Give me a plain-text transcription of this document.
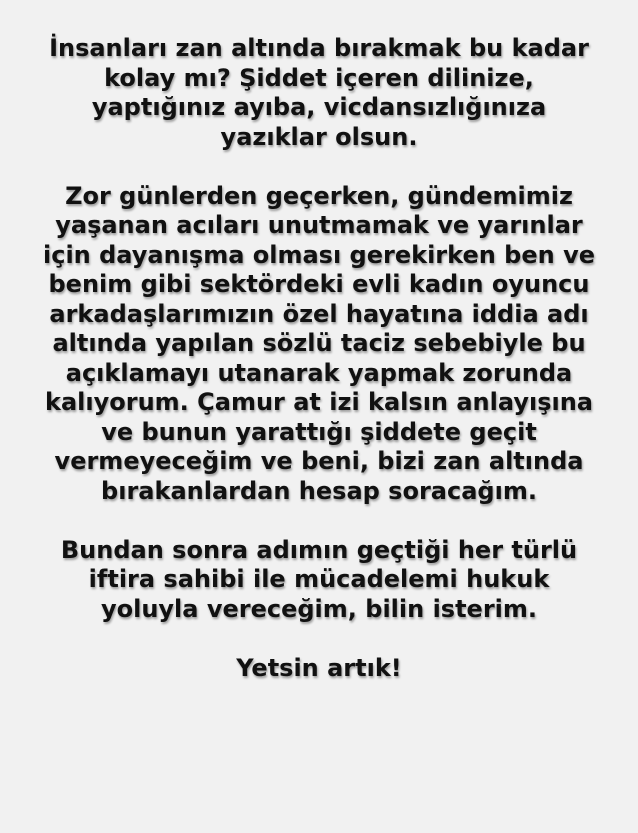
İnsanları zan altında bırakmak bu kadar
kolay mı? Şiddet içeren dilinize,
yaptığınız ayıba, vicdansızlığınıza
yazıklar olsun.

Zor günlerden geçerken, gündemimiz
yaşanan acıları unutmamak ve yarınlar
için dayanışma olması gerekirken ben ve
benim gibi sektördeki evli kadın oyuncu
arkadaşlarımızın özel hayatına iddia adı
altında yapılan sözlü taciz sebebiyle bu
açıklamayı utanarak yapmak zorunda
kalıyorum. Çamur at izi kalsın anlayışına
ve bunun yarattığı şiddete geçit
vermeyeceğim ve beni, bizi zan altında
bırakanlardan hesap soracağım.

Bundan sonra adımın geçtiği her türlü
iftira sahibi ile mücadelemi hukuk
yoluyla vereceğim, bilin isterim.

Yetsin artık!
